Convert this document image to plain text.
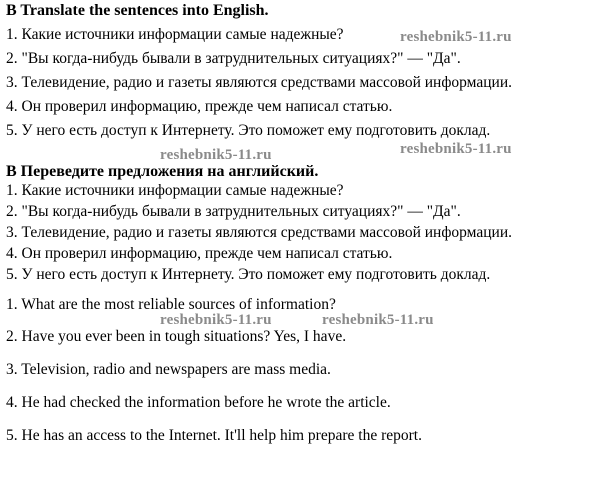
B Translate the sentences into English.
1. Какие источники информации самые надежные?
2. "Вы когда-нибудь бывали в затруднительных ситуациях?" — "Да".
3. Телевидение, радио и газеты являются средствами массовой информации.
4. Он проверил информацию, прежде чем написал статью.
5. У него есть доступ к Интернету. Это поможет ему подготовить доклад.
B Переведите предложения на английский.
1. Какие источники информации самые надежные?
2. "Вы когда-нибудь бывали в затруднительных ситуациях?" — "Да".
3. Телевидение, радио и газеты являются средствами массовой информации.
4. Он проверил информацию, прежде чем написал статью.
5. У него есть доступ к Интернету. Это поможет ему подготовить доклад.
1. What are the most reliable sources of information?
2. Have you ever been in tough situations? Yes, I have.
3. Television, radio and newspapers are mass media.
4. He had checked the information before he wrote the article.
5. He has an access to the Internet. It'll help him prepare the report.
reshebnik5-11.ru
reshebnik5-11.ru	reshebnik5-11.ru
reshebnik5-11.ru	reshebnik5-11.ru
